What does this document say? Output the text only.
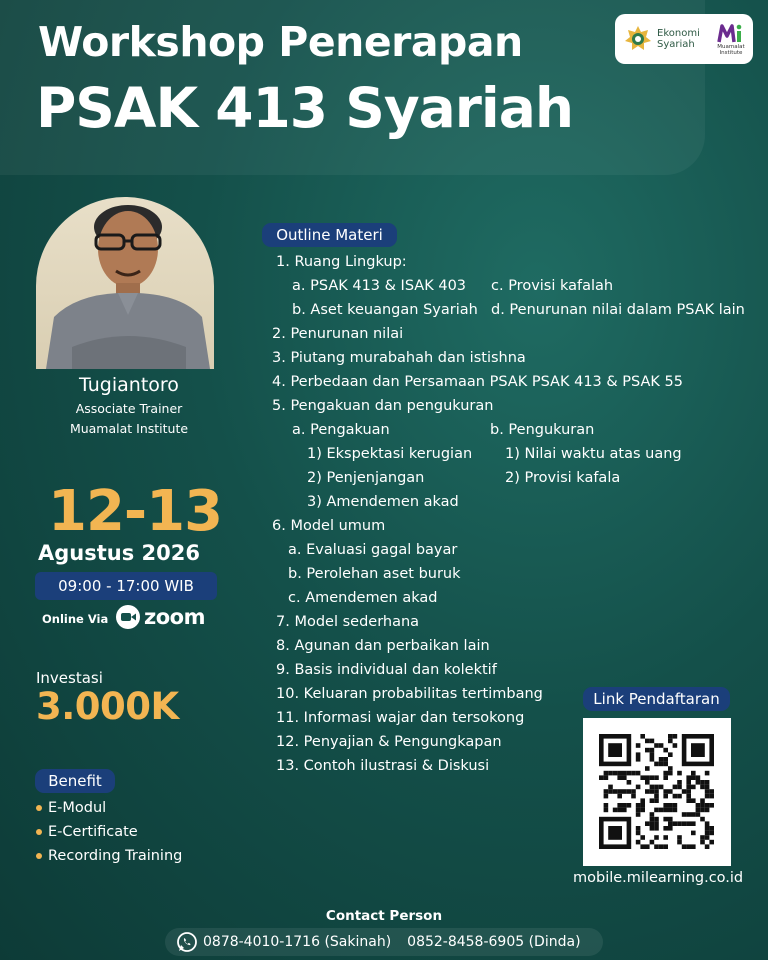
Workshop Penerapan
PSAK 413 Syariah
Ekonomi
Syariah	Muamalat
Institute
Tugiantoro
Associate Trainer
Muamalat Institute
12-13
Agustus 2026
09:00 - 17:00 WIB
Online Via zoom
Investasi
3.000K
Benefit
E-Modul
E-Certificate
Recording Training
Outline Materi
1. Ruang Lingkup:
a. PSAK 413 & ISAK 403 c. Provisi kafalah
b. Aset keuangan Syariah d. Penurunan nilai dalam PSAK lain
2. Penurunan nilai
3. Piutang murabahah dan istishna
4. Perbedaan dan Persamaan PSAK PSAK 413 & PSAK 55
5. Pengakuan dan pengukuran
a. Pengakuan	b. Pengukuran
1) Ekspektasi kerugian 1) Nilai waktu atas uang
2) Penjenjangan	2) Provisi kafala
3) Amendemen akad
6. Model umum
a. Evaluasi gagal bayar
b. Perolehan aset buruk
c. Amendemen akad
7. Model sederhana
8. Agunan dan perbaikan lain
9. Basis individual dan kolektif
10. Keluaran probabilitas tertimbang
11. Informasi wajar dan tersokong
12. Penyajian & Pengungkapan
13. Contoh ilustrasi & Diskusi
Link Pendaftaran
mobile.milearning.co.id
Contact Person
0878-4010-1716 (Sakinah) 0852-8458-6905 (Dinda)
